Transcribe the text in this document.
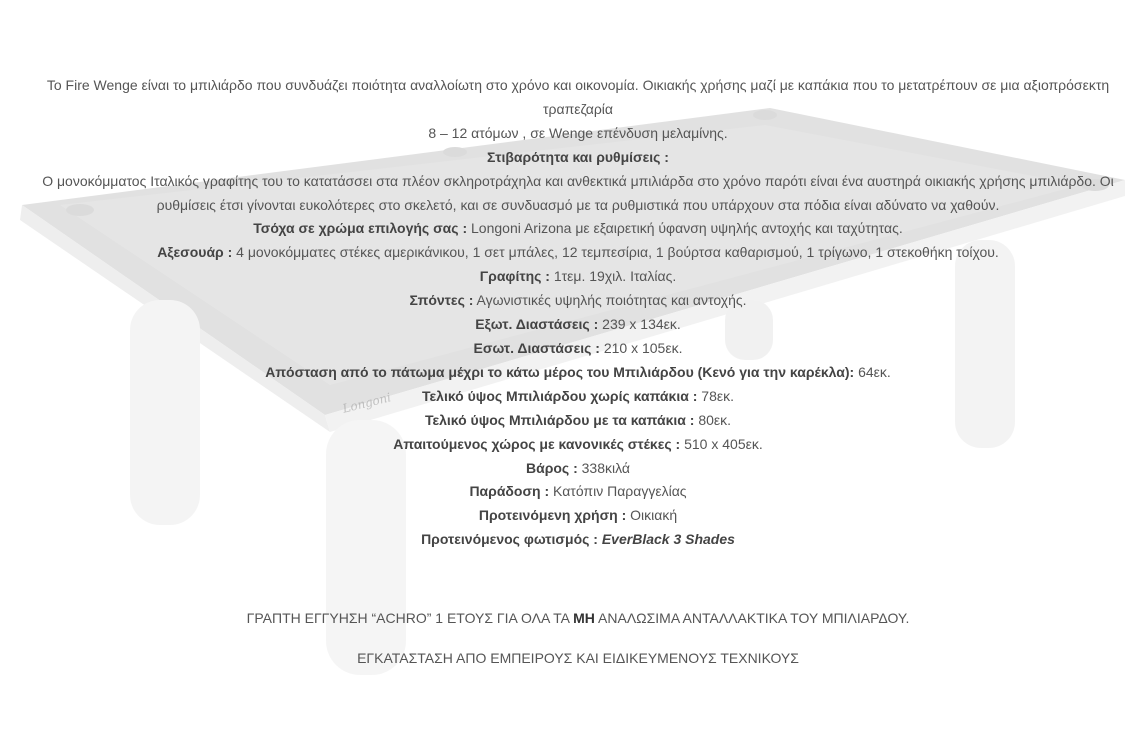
Longoni

Το Fire Wenge είναι το μπιλιάρδο που συνδυάζει ποιότητα αναλλοίωτη στο χρόνο και οικονομία. Οικιακής χρήσης μαζί με καπάκια που το μετατρέπουν σε μια αξιοπρόσεκτη τραπεζαρία

8 – 12 ατόμων , σε Wenge επένδυση μελαμίνης.

Στιβαρότητα και ρυθμίσεις :

Ο μονοκόμματος Ιταλικός γραφίτης του το κατατάσσει στα πλέον σκληροτράχηλα και ανθεκτικά μπιλιάρδα στο χρόνο παρότι είναι ένα αυστηρά οικιακής χρήσης μπιλιάρδο. Οι ρυθμίσεις έτσι γίνονται ευκολότερες στο σκελετό, και σε συνδυασμό με τα ρυθμιστικά που υπάρχουν στα πόδια είναι αδύνατο να χαθούν.

Τσόχα σε χρώμα επιλογής σας : Longoni Arizona με εξαιρετική ύφανση υψηλής αντοχής και ταχύτητας.

Αξεσουάρ : 4 μονοκόμματες στέκες αμερικάνικου, 1 σετ μπάλες, 12 τεμπεσίρια, 1 βούρτσα καθαρισμού, 1 τρίγωνο, 1 στεκοθήκη τοίχου.

Γραφίτης : 1τεμ. 19χιλ. Ιταλίας.

Σπόντες : Αγωνιστικές υψηλής ποιότητας και αντοχής.

Εξωτ. Διαστάσεις : 239 x 134εκ.

Εσωτ. Διαστάσεις : 210 x 105εκ.

Απόσταση από το πάτωμα μέχρι το κάτω μέρος του Μπιλιάρδου (Κενό για την καρέκλα): 64εκ.

Τελικό ύψος Μπιλιάρδου χωρίς καπάκια : 78εκ.

Τελικό ύψος Μπιλιάρδου με τα καπάκια : 80εκ.

Απαιτούμενος χώρος με κανονικές στέκες : 510 x 405εκ.

Βάρος : 338κιλά

Παράδοση : Κατόπιν Παραγγελίας

Προτεινόμενη χρήση : Οικιακή

Προτεινόμενος φωτισμός : EverBlack 3 Shades

ΓΡΑΠΤΗ ΕΓΓΥΗΣΗ “ACHRO” 1 ΕΤΟΥΣ ΓΙΑ ΟΛΑ ΤΑ ΜΗ ΑΝΑΛΩΣΙΜΑ ΑΝΤΑΛΛΑΚΤΙΚΑ ΤΟΥ ΜΠΙΛΙΑΡΔΟΥ.

ΕΓΚΑΤΑΣΤΑΣΗ ΑΠΟ ΕΜΠΕΙΡΟΥΣ ΚΑΙ ΕΙΔΙΚΕΥΜΕΝΟΥΣ ΤΕΧΝΙΚΟΥΣ
